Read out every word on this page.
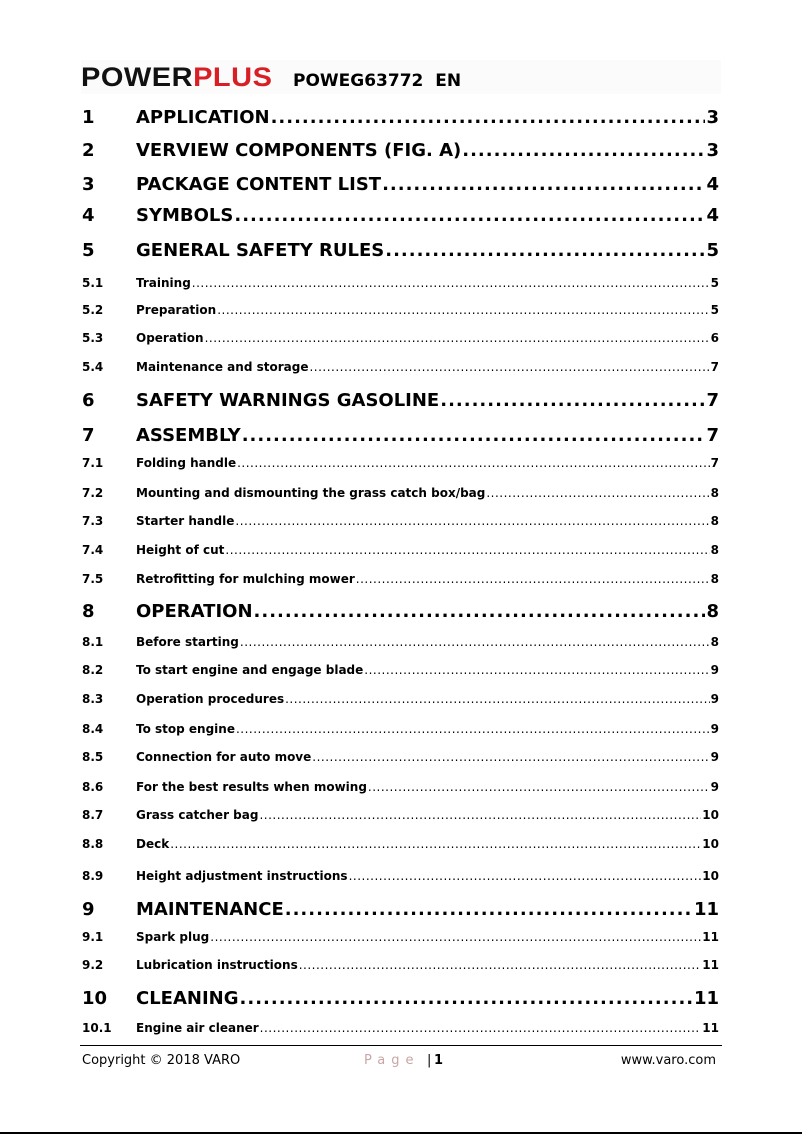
POWERPLUS POWEG63772  EN
1	APPLICATION .....	3
2	VERVIEW COMPONENTS (FIG. A) .....	3
3	PACKAGE CONTENT LIST .....	4
4	SYMBOLS .....	4
5	GENERAL SAFETY RULES .....	5
5.1	Training .....	5
5.2	Preparation .....	5
5.3	Operation .....	6
5.4	Maintenance and storage .....	7
6	SAFETY WARNINGS GASOLINE .....	7
7	ASSEMBLY .....	7
7.1	Folding handle .....	7
7.2	Mounting and dismounting the grass catch box/bag .....	8
7.3	Starter handle .....	8
7.4	Height of cut .....	8
7.5	Retrofitting for mulching mower .....	8
8	OPERATION .....	8
8.1	Before starting .....	8
8.2	To start engine and engage blade .....	9
8.3	Operation procedures .....	9
8.4	To stop engine .....	9
8.5	Connection for auto move .....	9
8.6	For the best results when mowing .....	9
8.7	Grass catcher bag .....	10
8.8	Deck .....	10
8.9	Height adjustment instructions .....	10
9	MAINTENANCE .....	11
9.1	Spark plug .....	11
9.2	Lubrication instructions .....	11
10	CLEANING .....	11
10.1	Engine air cleaner .....	11
Copyright © 2018 VARO	Page | 1	www.varo.com
